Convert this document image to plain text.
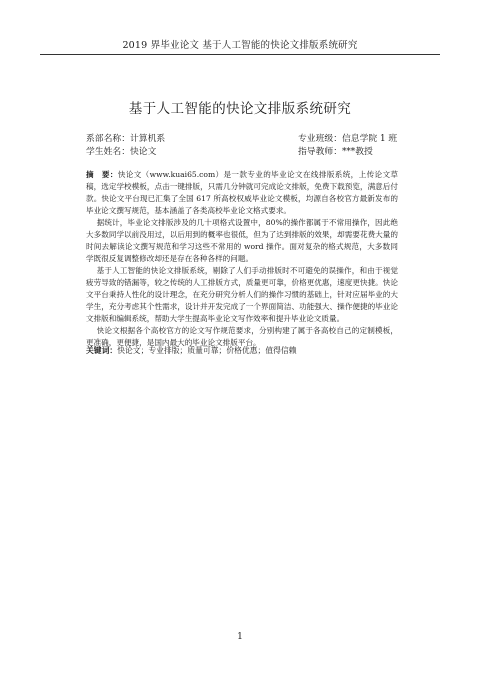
2019 界毕业论文 基于人工智能的快论文排版系统研究
基于人工智能的快论文排版系统研究
系部名称：计算机系	专业班级：信息学院 1 班
学生姓名：快论文	指导教师：***教授

摘　要：快论文（www.kuai65.com）是一款专业的毕业论文在线排版系统，上传论文草稿，选定学校模板，点击一键排版，只需几分钟就可完成论文排版，免费下载预览，满意后付款。快论文平台现已汇集了全国 617 所高校权威毕业论文模板，均源自各校官方最新发布的毕业论文撰写规范，基本涵盖了各类高校毕业论文格式要求。

据统计，毕业论文排版涉及的几十项格式设置中，80%的操作都属于不常用操作，因此绝大多数同学以前没用过，以后用到的概率也很低，但为了达到排版的效果，却需要花费大量的时间去解读论文撰写规范和学习这些不常用的 word 操作。面对复杂的格式规范，大多数同学既很反复调整修改却还是存在各种各样的问题。

基于人工智能的快论文排版系统，剔除了人们手动排版时不可避免的误操作，和由于视觉疲劳导致的错漏等，较之传统的人工排版方式，质量更可靠，价格更优惠，速度更快捷。快论文平台秉持人性化的设计理念，在充分研究分析人们的操作习惯的基础上，针对应届毕业的大学生，充分考虑其个性需求，设计并开发完成了一个界面简洁、功能强大、操作便捷的毕业论文排版和编辑系统，帮助大学生提高毕业论文写作效率和提升毕业论文质量。

快论文根据各个高校官方的论文写作规范要求，分别构建了属于各高校自己的定制模板，更准确，更便捷，是国内最大的毕业论文排版平台。

关键词：快论文；专业排版；质量可靠；价格优惠；值得信赖
1
